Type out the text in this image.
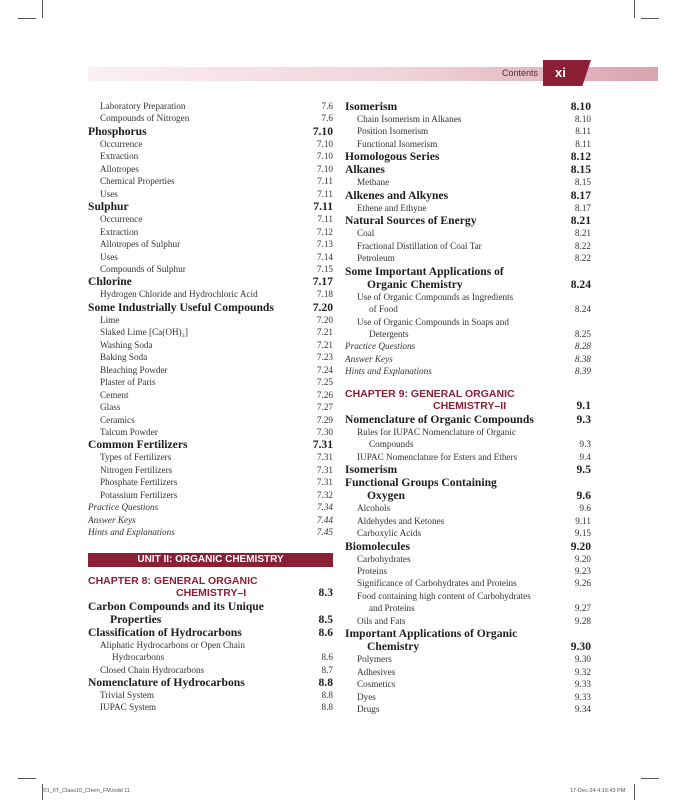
Contents xi
Laboratory Preparation	7.6
Compounds of Nitrogen	7.6
Phosphorus	7.10
Occurrence	7.10
Extraction	7.10
Allotropes	7.10
Chemical Properties	7.11
Uses	7.11
Sulphur	7.11
Occurrence	7.11
Extraction	7.12
Allotropes of Sulphur	7.13
Uses	7.14
Compounds of Sulphur	7.15
Chlorine	7.17
Hydrogen Chloride and Hydrochloric Acid	7.18
Some Industrially Useful Compounds	7.20
Lime	7.20
Slaked Lime [Ca(OH)₂]	7.21
Washing Soda	7.21
Baking Soda	7.23
Bleaching Powder	7.24
Plaster of Paris	7.25
Cement	7.26
Glass	7.27
Ceramics	7.29
Talcum Powder	7.30
Common Fertilizers	7.31
Types of Fertilizers	7.31
Nitrogen Fertilizers	7.31
Phosphate Fertilizers	7.31
Potassium Fertilizers	7.32
Practice Questions	7.34
Answer Keys	7.44
Hints and Explanations	7.45
UNIT II: ORGANIC CHEMISTRY
CHAPTER 8: GENERAL ORGANIC
CHEMISTRY–I	8.3
Carbon Compounds and its Unique
Properties	8.5
Classification of Hydrocarbons	8.6
Aliphatic Hydrocarbons or Open Chain
Hydrocarbons	8.6
Closed Chain Hydrocarbons	8.7
Nomenclature of Hydrocarbons	8.8
Trivial System	8.8
IUPAC System	8.8
Isomerism	8.10
Chain Isomerism in Alkanes	8.10
Position Isomerism	8.11
Functional Isomerism	8.11
Homologous Series	8.12
Alkanes	8.15
Methane	8.15
Alkenes and Alkynes	8.17
Ethene and Ethyne	8.17
Natural Sources of Energy	8.21
Coal	8.21
Fractional Distillation of Coal Tar	8.22
Petroleum	8.22
Some Important Applications of
Organic Chemistry	8.24
Use of Organic Compounds as Ingredients
of Food	8.24
Use of Organic Compounds in Soaps and
Detergents	8.25
Practice Questions	8.28
Answer Keys	8.38
Hints and Explanations	8.39
CHAPTER 9: GENERAL ORGANIC
CHEMISTRY–II	9.1
Nomenclature of Organic Compounds	9.3
Rules for IUPAC Nomenclature of Organic
Compounds	9.3
IUPAC Nomenclature for Esters and Ethers	9.4
Isomerism	9.5
Functional Groups Containing
Oxygen	9.6
Alcohols	9.6
Aldehydes and Ketones	9.11
Carboxylic Acids	9.15
Biomolecules	9.20
Carbohydrates	9.20
Proteins	9.23
Significance of Carbohydrates and Proteins	9.26
Food containing high content of Carbohydrates
and Proteins	9.27
Oils and Fats	9.28
Important Applications of Organic
Chemistry	9.30
Polymers	9.30
Adhesives	9.32
Cosmetics	9.33
Dyes	9.33
Drugs	9.34
f01_IIT_Class10_Chem_FM.indd 11	17-Dec-24 4:16:43 PM
